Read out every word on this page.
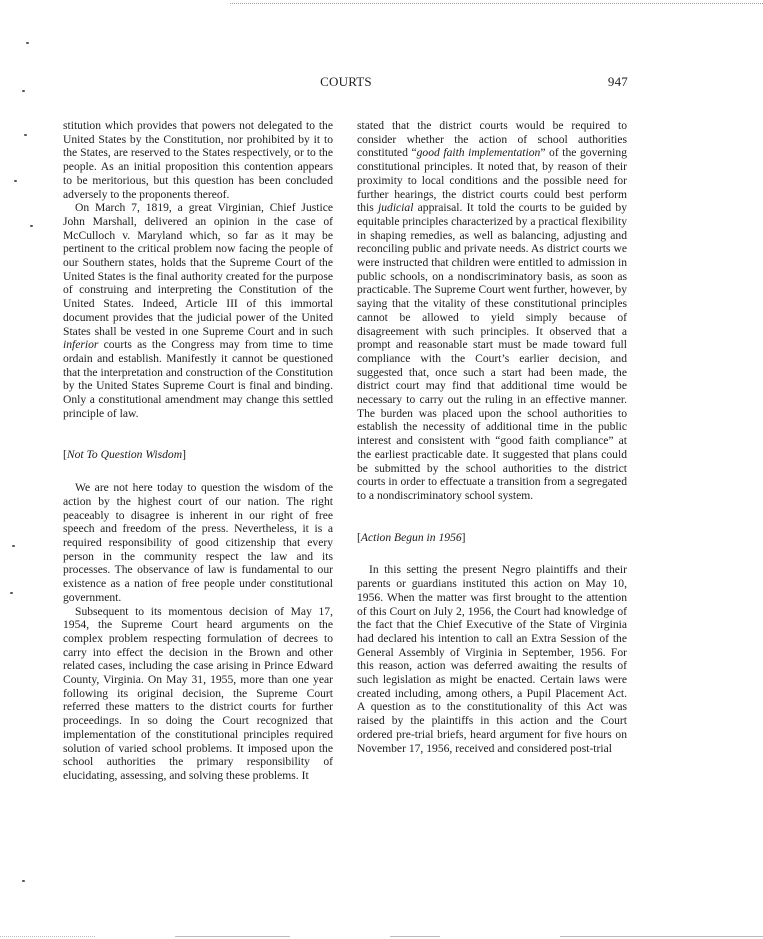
COURTS	947

stitution which provides that powers not delegated to the United States by the Constitution, nor prohibited by it to the States, are reserved to the States respectively, or to the people. As an initial proposition this contention appears to be meritorious, but this question has been concluded adversely to the proponents thereof.

On March 7, 1819, a great Virginian, Chief Justice John Marshall, delivered an opinion in the case of McCulloch v. Maryland which, so far as it may be pertinent to the critical problem now facing the people of our Southern states, holds that the Supreme Court of the United States is the final authority created for the purpose of construing and interpreting the Constitution of the United States. Indeed, Article III of this immortal document provides that the judicial power of the United States shall be vested in one Supreme Court and in such inferior courts as the Congress may from time to time ordain and establish. Manifestly it cannot be questioned that the interpretation and construction of the Constitution by the United States Supreme Court is final and binding. Only a constitutional amendment may change this settled principle of law.

[Not To Question Wisdom]

We are not here today to question the wisdom of the action by the highest court of our nation. The right peaceably to disagree is inherent in our right of free speech and freedom of the press. Nevertheless, it is a required responsibility of good citizenship that every person in the community respect the law and its processes. The observance of law is fundamental to our existence as a nation of free people under constitutional government.

Subsequent to its momentous decision of May 17, 1954, the Supreme Court heard arguments on the complex problem respecting formulation of decrees to carry into effect the decision in the Brown and other related cases, including the case arising in Prince Edward County, Virginia. On May 31, 1955, more than one year following its original decision, the Supreme Court referred these matters to the district courts for further proceedings. In so doing the Court recognized that implementation of the constitutional principles required solution of varied school problems. It imposed upon the school authorities the primary responsibility of elucidating, assessing, and solving these problems. It

stated that the district courts would be required to consider whether the action of school authorities constituted “good faith implementation” of the governing constitutional principles. It noted that, by reason of their proximity to local conditions and the possible need for further hearings, the district courts could best perform this judicial appraisal. It told the courts to be guided by equitable principles characterized by a practical flexibility in shaping remedies, as well as balancing, adjusting and reconciling public and private needs. As district courts we were instructed that children were entitled to admission in public schools, on a nondiscriminatory basis, as soon as practicable. The Supreme Court went further, however, by saying that the vitality of these constitutional principles cannot be allowed to yield simply because of disagreement with such principles. It observed that a prompt and reasonable start must be made toward full compliance with the Court’s earlier decision, and suggested that, once such a start had been made, the district court may find that additional time would be necessary to carry out the ruling in an effective manner. The burden was placed upon the school authorities to establish the necessity of additional time in the public interest and consistent with “good faith compliance” at the earliest practicable date. It suggested that plans could be submitted by the school authorities to the district courts in order to effectuate a transition from a segregated to a nondiscriminatory school system.

[Action Begun in 1956]

In this setting the present Negro plaintiffs and their parents or guardians instituted this action on May 10, 1956. When the matter was first brought to the attention of this Court on July 2, 1956, the Court had knowledge of the fact that the Chief Executive of the State of Virginia had declared his intention to call an Extra Session of the General Assembly of Virginia in September, 1956. For this reason, action was deferred awaiting the results of such legislation as might be enacted. Certain laws were created including, among others, a Pupil Placement Act. A question as to the constitutionality of this Act was raised by the plaintiffs in this action and the Court ordered pre-trial briefs, heard argument for five hours on November 17, 1956, received and considered post-trial
